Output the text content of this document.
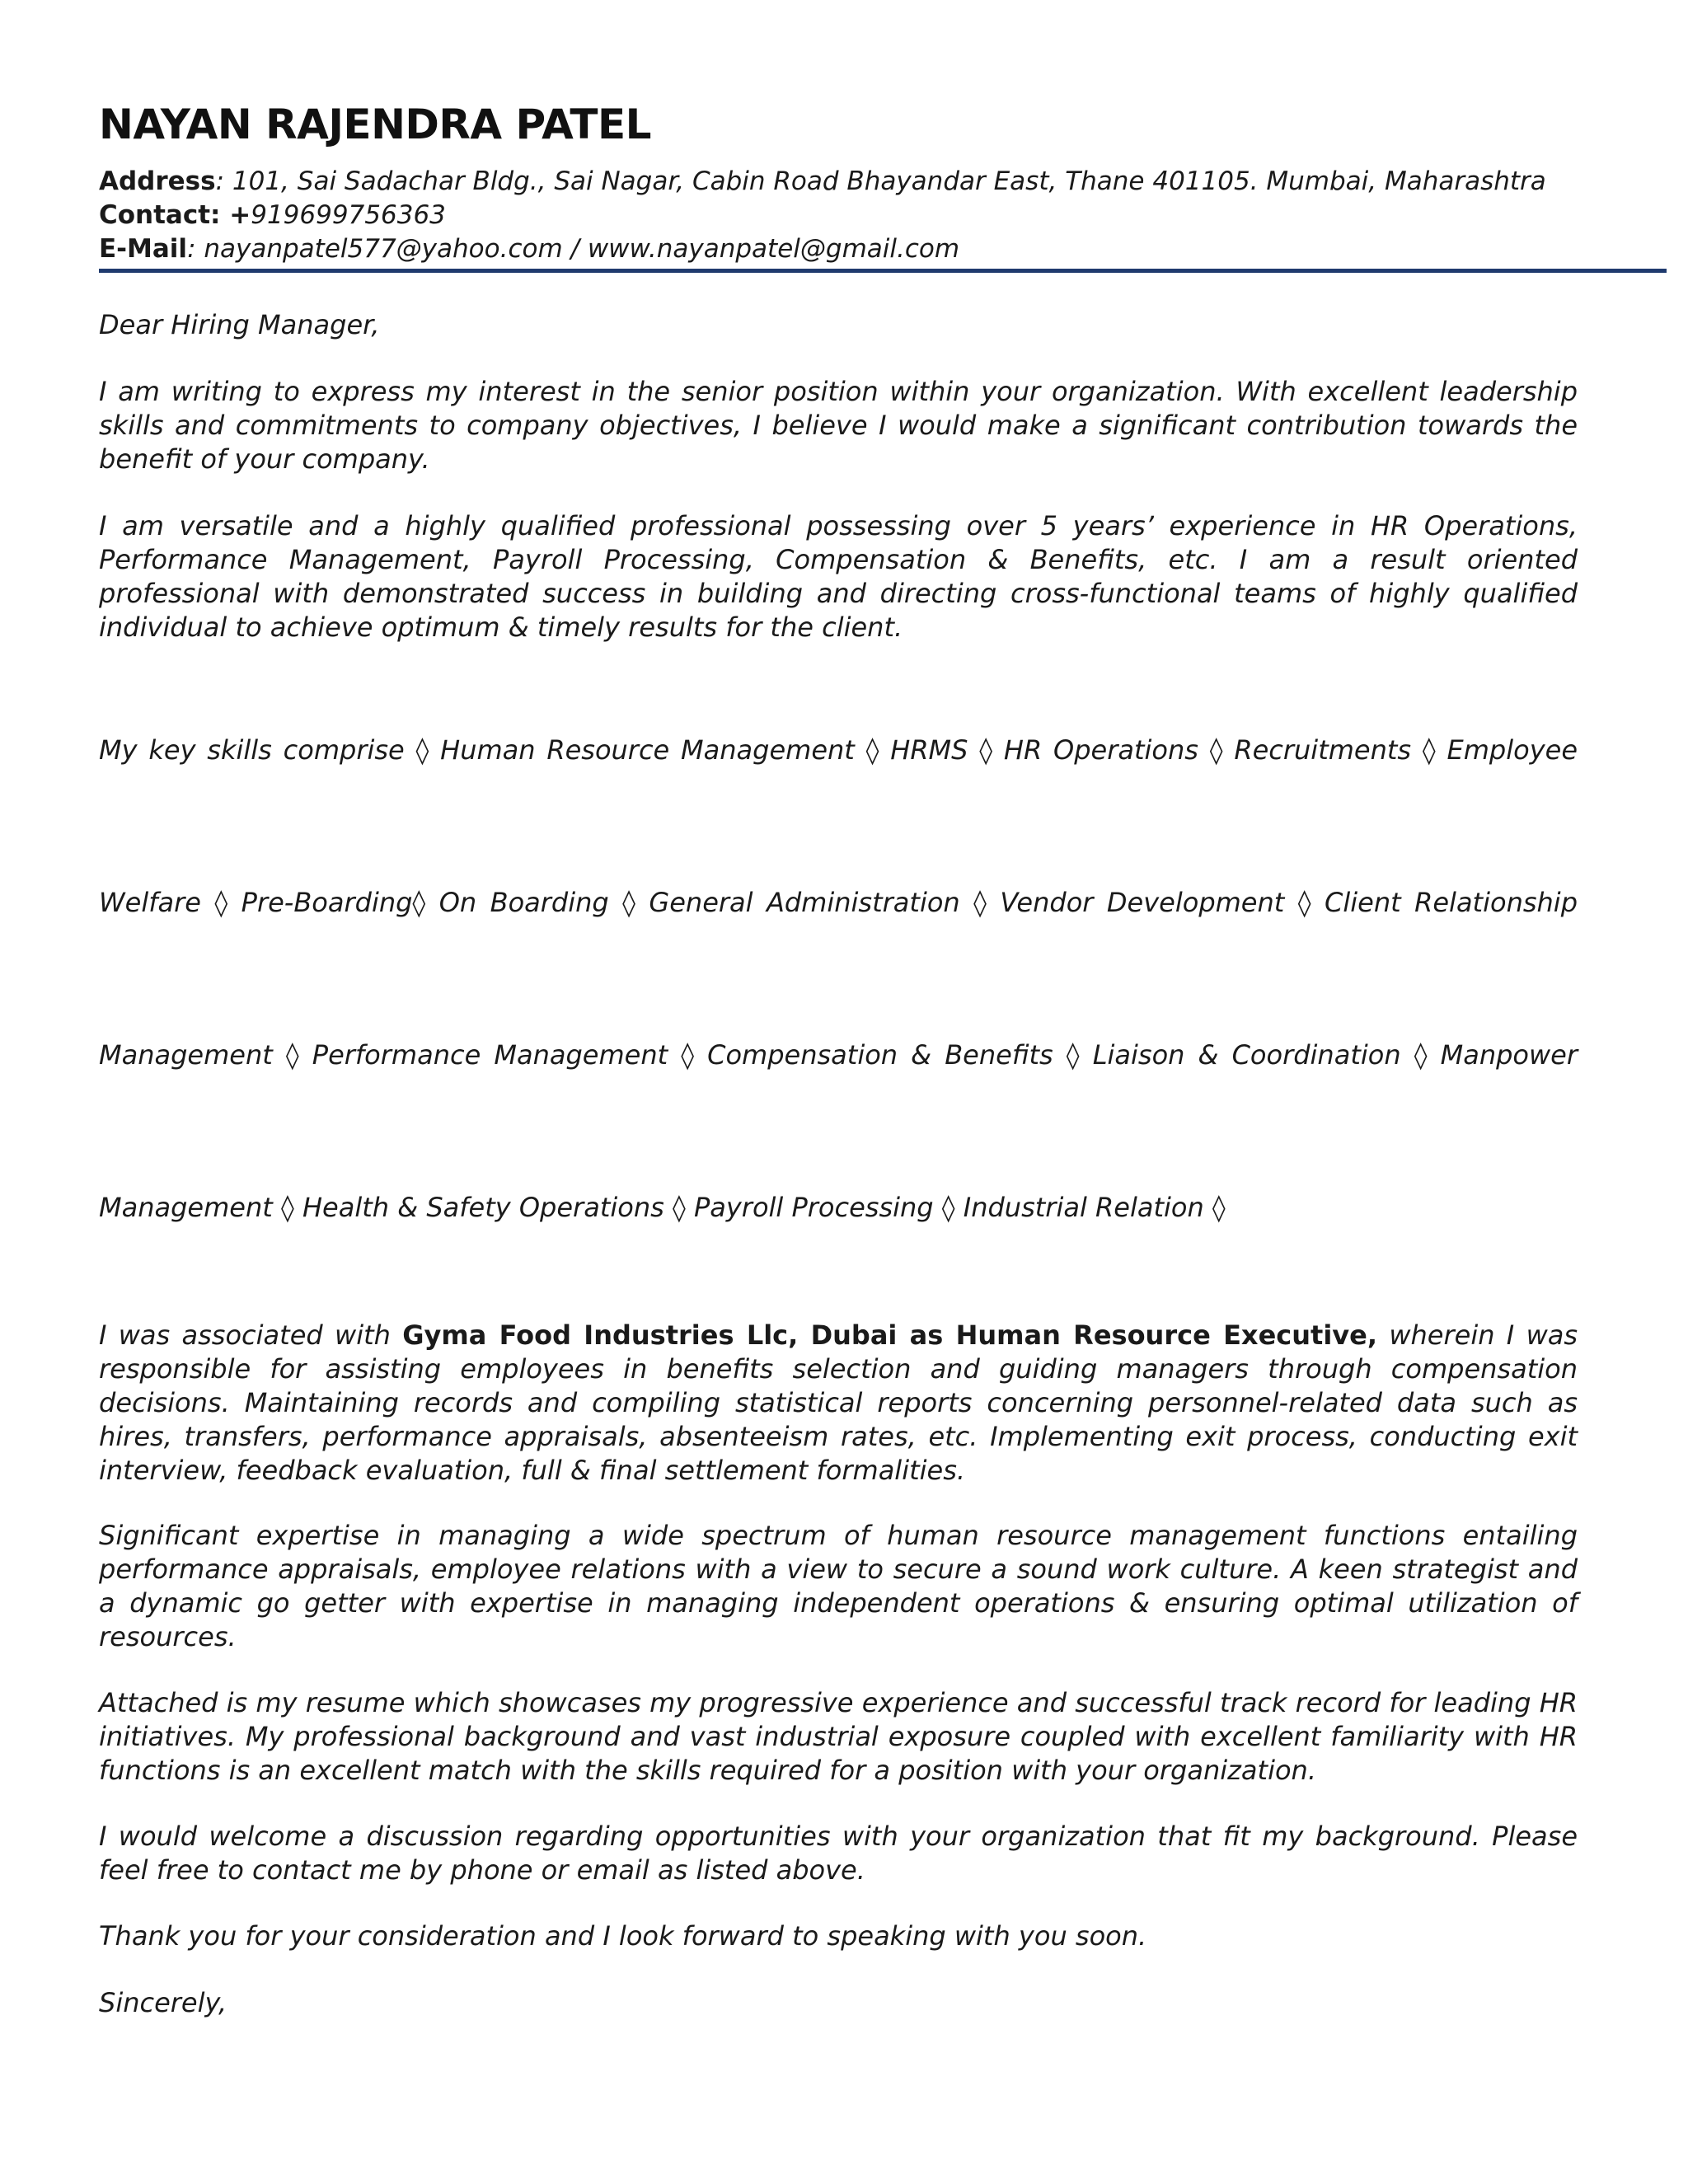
NAYAN RAJENDRA PATEL
Address: 101, Sai Sadachar Bldg., Sai Nagar, Cabin Road Bhayandar East, Thane 401105. Mumbai, Maharashtra
Contact: +919699756363
E-Mail: nayanpatel577@yahoo.com / www.nayanpatel@gmail.com

Dear Hiring Manager,

I am writing to express my interest in the senior position within your organization. With excellent leadership skills and commitments to company objectives, I believe I would make a significant contribution towards the benefit of your company.

I am versatile and a highly qualified professional possessing over 5 years’ experience in HR Operations, Performance Management, Payroll Processing, Compensation & Benefits, etc. I am a result oriented professional with demonstrated success in building and directing cross-functional teams of highly qualified individual to achieve optimum & timely results for the client.

My key skills comprise ◊ Human Resource Management ◊ HRMS ◊ HR Operations ◊ Recruitments ◊ Employee

Welfare ◊ Pre-Boarding◊ On Boarding ◊ General Administration ◊ Vendor Development ◊ Client Relationship

Management ◊ Performance Management ◊ Compensation & Benefits ◊ Liaison & Coordination ◊ Manpower

Management ◊ Health & Safety Operations ◊ Payroll Processing ◊ Industrial Relation ◊

I was associated with Gyma Food Industries Llc, Dubai as Human Resource Executive, wherein I was responsible for assisting employees in benefits selection and guiding managers through compensation decisions. Maintaining records and compiling statistical reports concerning personnel-related data such as hires, transfers, performance appraisals, absenteeism rates, etc. Implementing exit process, conducting exit interview, feedback evaluation, full & final settlement formalities.

Significant expertise in managing a wide spectrum of human resource management functions entailing performance appraisals, employee relations with a view to secure a sound work culture. A keen strategist and a dynamic go getter with expertise in managing independent operations & ensuring optimal utilization of resources.

Attached is my resume which showcases my progressive experience and successful track record for leading HR initiatives. My professional background and vast industrial exposure coupled with excellent familiarity with HR functions is an excellent match with the skills required for a position with your organization.

I would welcome a discussion regarding opportunities with your organization that fit my background. Please feel free to contact me by phone or email as listed above.

Thank you for your consideration and I look forward to speaking with you soon.

Sincerely,
